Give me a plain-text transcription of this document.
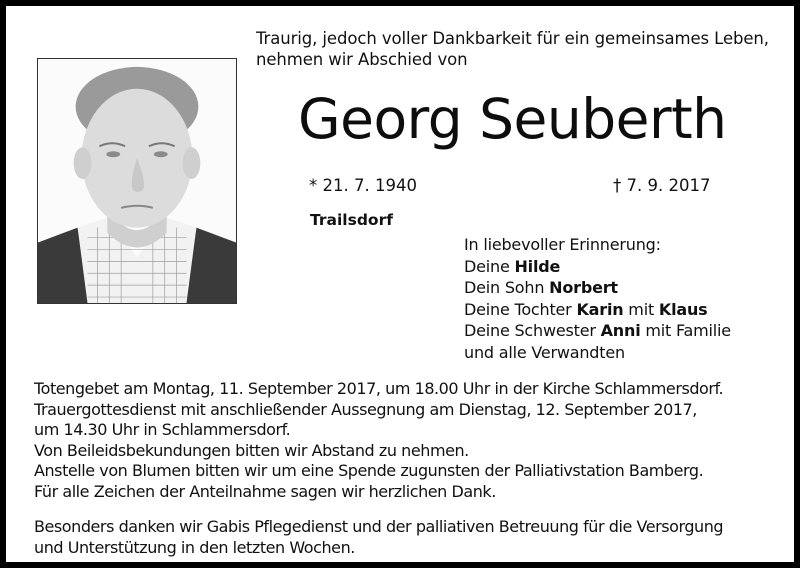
Traurig, jedoch voller Dankbarkeit für ein gemeinsames Leben,
nehmen wir Abschied von
Georg Seuberth
* 21. 7. 1940	† 7. 9. 2017
Trailsdorf
In liebevoller Erinnerung:
Deine Hilde
Dein Sohn Norbert
Deine Tochter Karin mit Klaus
Deine Schwester Anni mit Familie
und alle Verwandten
Totengebet am Montag, 11. September 2017, um 18.00 Uhr in der Kirche Schlammersdorf.
Trauergottesdienst mit anschließender Aussegnung am Dienstag, 12. September 2017,
um 14.30 Uhr in Schlammersdorf.
Von Beileidsbekundungen bitten wir Abstand zu nehmen.
Anstelle von Blumen bitten wir um eine Spende zugunsten der Palliativstation Bamberg.
Für alle Zeichen der Anteilnahme sagen wir herzlichen Dank.
Besonders danken wir Gabis Pflegedienst und der palliativen Betreuung für die Versorgung
und Unterstützung in den letzten Wochen.
